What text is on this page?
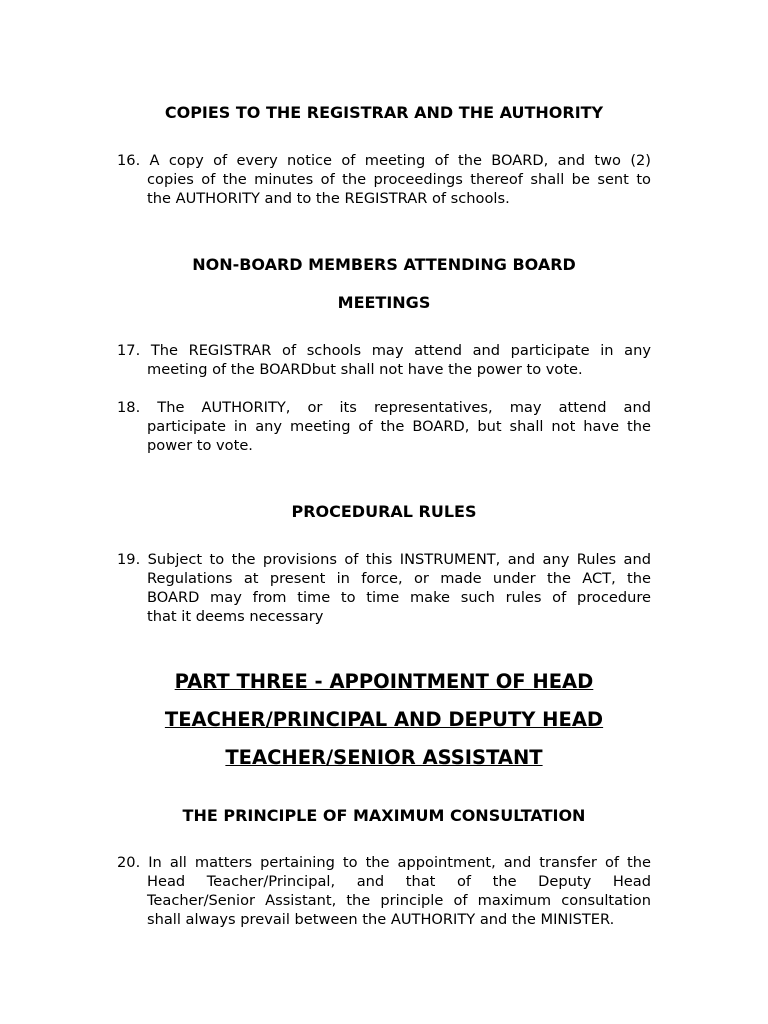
COPIES TO THE REGISTRAR AND THE AUTHORITY
16. A copy of every notice of meeting of the BOARD, and two (2)
copies of the minutes of the proceedings thereof shall be sent to
the AUTHORITY and to the REGISTRAR of schools.
NON-BOARD MEMBERS ATTENDING BOARD
MEETINGS
17. The REGISTRAR of schools may attend and participate in any
meeting of the BOARDbut shall not have the power to vote.
18. The AUTHORITY, or its representatives, may attend and
participate in any meeting of the BOARD, but shall not have the
power to vote.
PROCEDURAL RULES
19. Subject to the provisions of this INSTRUMENT, and any Rules and
Regulations at present in force, or made under the ACT, the
BOARD may from time to time make such rules of procedure
that it deems necessary
PART THREE - APPOINTMENT OF HEAD
TEACHER/PRINCIPAL AND DEPUTY HEAD
TEACHER/SENIOR ASSISTANT
THE PRINCIPLE OF MAXIMUM CONSULTATION
20. In all matters pertaining to the appointment, and transfer of the
Head Teacher/Principal, and that of the Deputy Head
Teacher/Senior Assistant, the principle of maximum consultation
shall always prevail between the AUTHORITY and the MINISTER.
